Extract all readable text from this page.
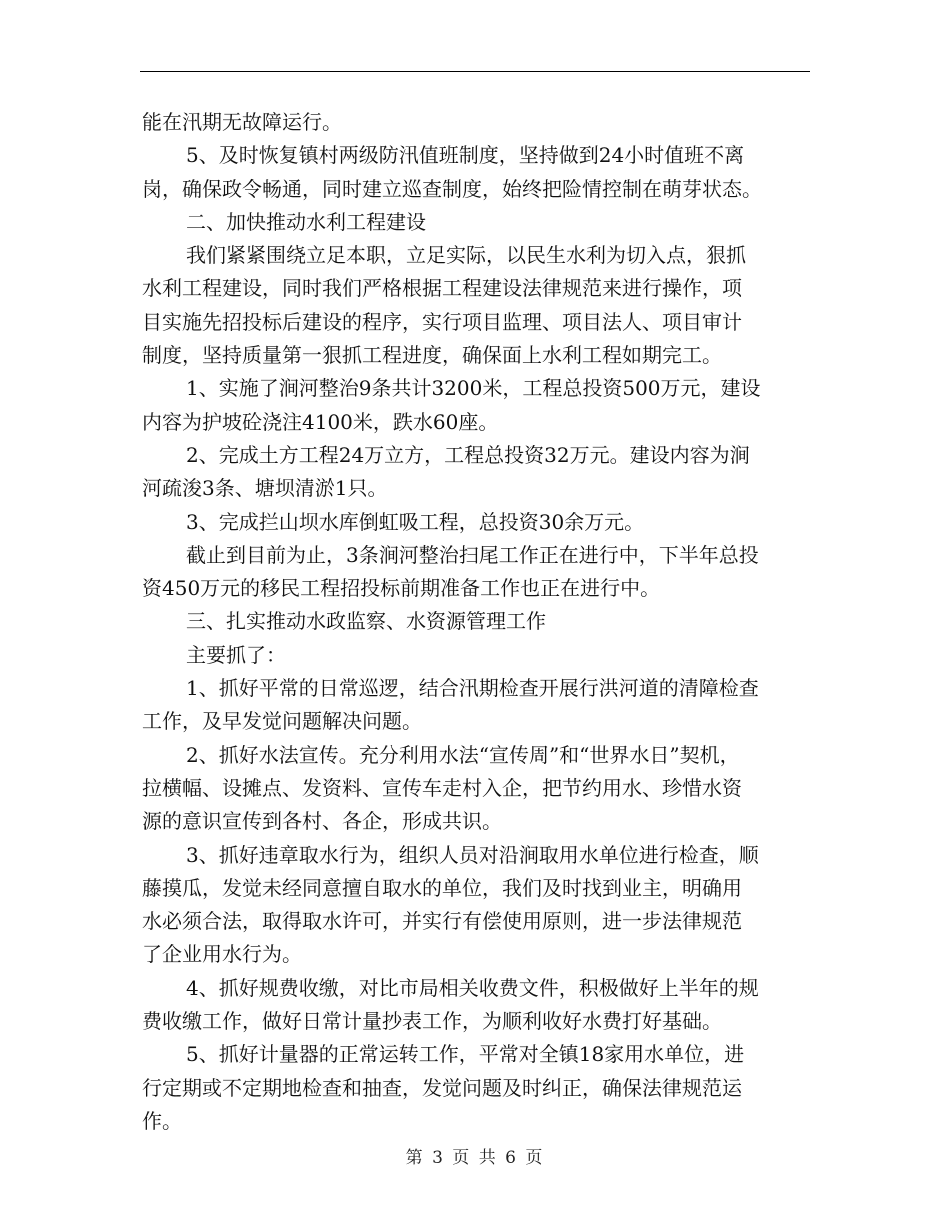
能在汛期无故障运行。
5、及时恢复镇村两级防汛值班制度，坚持做到24小时值班不离
岗，确保政令畅通，同时建立巡查制度，始终把险情控制在萌芽状态。
二、加快推动水利工程建设
我们紧紧围绕立足本职，立足实际，以民生水利为切入点，狠抓
水利工程建设，同时我们严格根据工程建设法律规范来进行操作，项
目实施先招投标后建设的程序，实行项目监理、项目法人、项目审计
制度，坚持质量第一狠抓工程进度，确保面上水利工程如期完工。
1、实施了涧河整治9条共计3200米，工程总投资500万元，建设
内容为护坡砼浇注4100米，跌水60座。
2、完成土方工程24万立方，工程总投资32万元。建设内容为涧
河疏浚3条、塘坝清淤1只。
3、完成拦山坝水库倒虹吸工程，总投资30余万元。
截止到目前为止，3条涧河整治扫尾工作正在进行中，下半年总投
资450万元的移民工程招投标前期准备工作也正在进行中。
三、扎实推动水政监察、水资源管理工作
主要抓了：
1、抓好平常的日常巡逻，结合汛期检查开展行洪河道的清障检查
工作，及早发觉问题解决问题。
2、抓好水法宣传。充分利用水法“宣传周”和“世界水日”契机，
拉横幅、设摊点、发资料、宣传车走村入企，把节约用水、珍惜水资
源的意识宣传到各村、各企，形成共识。
3、抓好违章取水行为，组织人员对沿涧取用水单位进行检查，顺
藤摸瓜，发觉未经同意擅自取水的单位，我们及时找到业主，明确用
水必须合法，取得取水许可，并实行有偿使用原则，进一步法律规范
了企业用水行为。
4、抓好规费收缴，对比市局相关收费文件，积极做好上半年的规
费收缴工作，做好日常计量抄表工作，为顺利收好水费打好基础。
5、抓好计量器的正常运转工作，平常对全镇18家用水单位，进
行定期或不定期地检查和抽查，发觉问题及时纠正，确保法律规范运
作。
第 3 页 共 6 页
